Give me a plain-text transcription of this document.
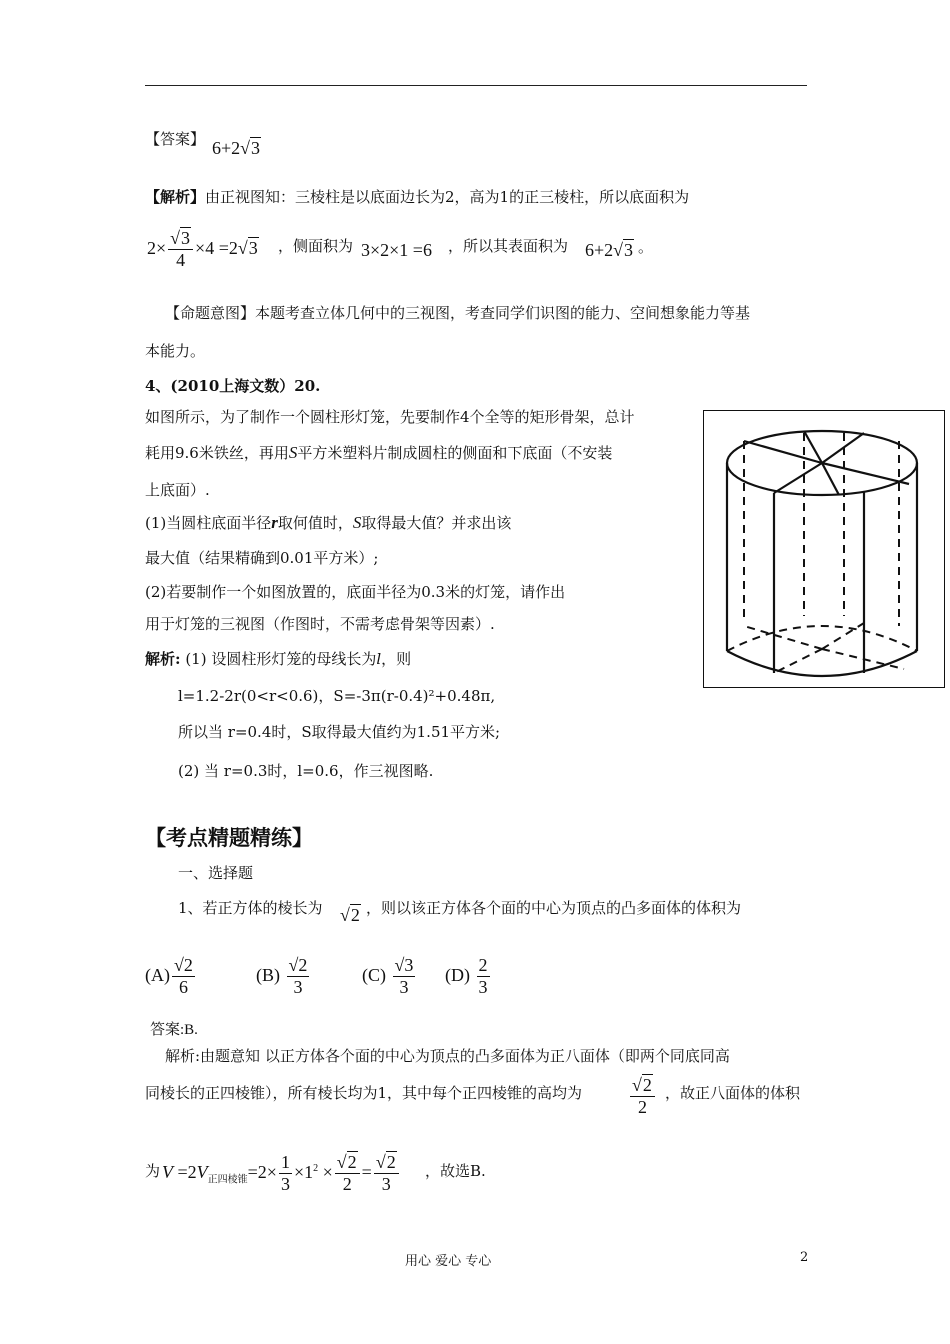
【答案】 6+2√3
【解析】由正视图知：三棱柱是以底面边长为2，高为1的正三棱柱，所以底面积为
$2\times \frac{√3}{4} \times 4 =2√3$ ，侧面积为 3×2×1 =6 ，所以其表面积为 6+2√3 。
【命题意图】本题考查立体几何中的三视图，考查同学们识图的能力、空间想象能力等基
本能力。
4、(2010上海文数）20.
如图所示，为了制作一个圆柱形灯笼，先要制作4个全等的矩形骨架，总计
耗用9.6米铁丝，再用S平方米塑料片制成圆柱的侧面和下底面（不安装
上底面）.
(1)当圆柱底面半径r取何值时，S取得最大值？并求出该
最大值（结果精确到0.01平方米）;
(2)若要制作一个如图放置的，底面半径为0.3米的灯笼，请作出
用于灯笼的三视图（作图时，不需考虑骨架等因素）.
解析: (1) 设圆柱形灯笼的母线长为l，则
l=1.2-2r(0<r<0.6)，S=-3π(r-0.4)²+0.48π,
所以当 r=0.4时，S取得最大值约为1.51平方米;
(2) 当 r=0.3时，l=0.6，作三视图略.
【考点精题精练】
一、选择题
1、若正方体的棱长为 √2 ，则以该正方体各个面的中心为顶点的凸多面体的体积为
$(A) \frac{√2}{6}$	$(B) \frac{√2}{3}$	$(C) \frac{√3}{3} (D) \frac{2}{3}$
答案:B.
解析:由题意知 以正方体各个面的中心为顶点的凸多面体为正八面体（即两个同底同高
同棱长的正四棱锥），所有棱长均为1，其中每个正四棱锥的高均为	$\frac{√2}{2}$ ，故正八面体的体积
为 $V =2V_{正四棱锥}=2\times \frac{1}{3} \times 1^2 \times \frac{√2}{2} = \frac{√2}{3}$ ，故选B.
用心 爱心 专心	2
